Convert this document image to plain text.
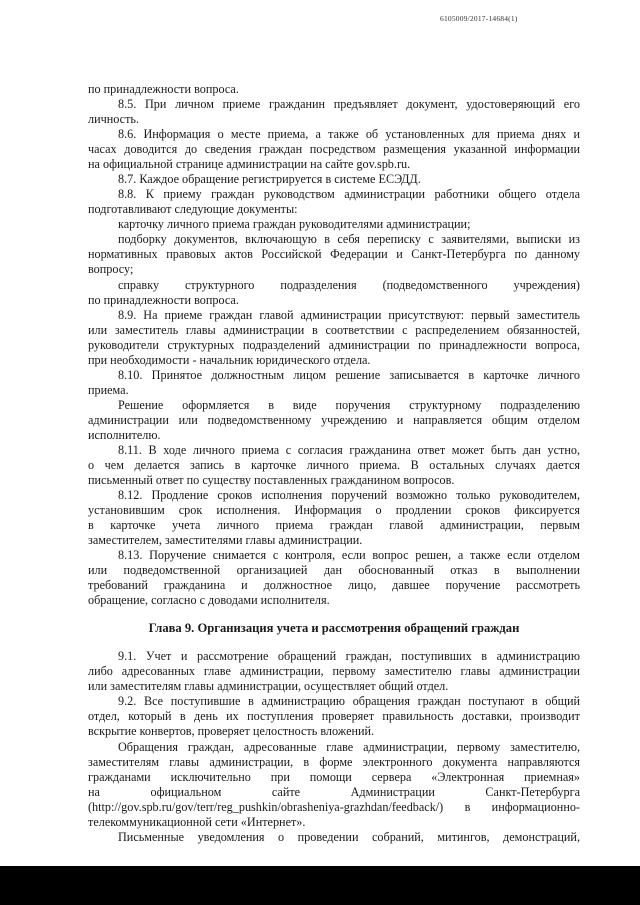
6105009/2017-14684(1)
по принадлежности вопроса.
8.5. При личном приеме гражданин предъявляет документ, удостоверяющий его
личность.
8.6. Информация о месте приема, а также об установленных для приема днях и
часах доводится до сведения граждан посредством размещения указанной информации
на официальной странице администрации на сайте gov.spb.ru.
8.7. Каждое обращение регистрируется в системе ЕСЭДД.
8.8. К приему граждан руководством администрации работники общего отдела
подготавливают следующие документы:
карточку личного приема граждан руководителями администрации;
подборку документов, включающую в себя переписку с заявителями, выписки из
нормативных правовых актов Российской Федерации и Санкт-Петербурга по данному
вопросу;
справку структурного подразделения (подведомственного учреждения)
по принадлежности вопроса.
8.9. На приеме граждан главой администрации присутствуют: первый заместитель
или заместитель главы администрации в соответствии с распределением обязанностей,
руководители структурных подразделений администрации по принадлежности вопроса,
при необходимости - начальник юридического отдела.
8.10. Принятое должностным лицом решение записывается в карточке личного
приема.
Решение оформляется в виде поручения структурному подразделению
администрации или подведомственному учреждению и направляется общим отделом
исполнителю.
8.11. В ходе личного приема с согласия гражданина ответ может быть дан устно,
о чем делается запись в карточке личного приема. В остальных случаях дается
письменный ответ по существу поставленных гражданином вопросов.
8.12. Продление сроков исполнения поручений возможно только руководителем,
установившим срок исполнения. Информация о продлении сроков фиксируется
в карточке учета личного приема граждан главой администрации, первым
заместителем, заместителями главы администрации.
8.13. Поручение снимается с контроля, если вопрос решен, а также если отделом
или подведомственной организацией дан обоснованный отказ в выполнении
требований гражданина и должностное лицо, давшее поручение рассмотреть
обращение, согласно с доводами исполнителя.
Глава 9. Организация учета и рассмотрения обращений граждан
9.1. Учет и рассмотрение обращений граждан, поступивших в администрацию
либо адресованных главе администрации, первому заместителю главы администрации
или заместителям главы администрации, осуществляет общий отдел.
9.2. Все поступившие в администрацию обращения граждан поступают в общий
отдел, который в день их поступления проверяет правильность доставки, производит
вскрытие конвертов, проверяет целостность вложений.
Обращения граждан, адресованные главе администрации, первому заместителю,
заместителям главы администрации, в форме электронного документа направляются
гражданами исключительно при помощи сервера «Электронная приемная»
на официальном сайте Администрации Санкт-Петербурга
(http://gov.spb.ru/gov/terr/reg_pushkin/obrasheniya-grazhdan/feedback/) в информационно-
телекоммуникационной сети «Интернет».
Письменные уведомления о проведении собраний, митингов, демонстраций,
